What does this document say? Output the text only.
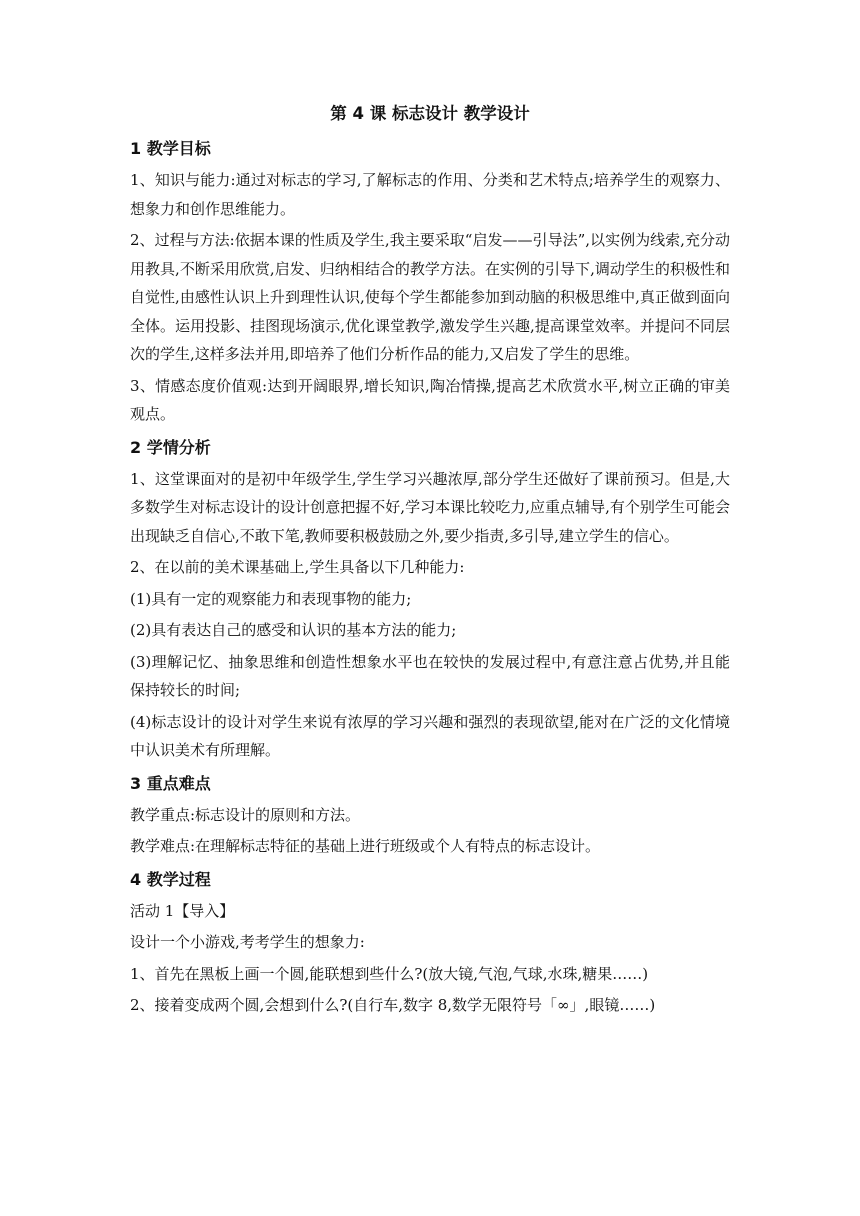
第 4 课 标志设计 教学设计
1 教学目标

1、知识与能力:通过对标志的学习,了解标志的作用、分类和艺术特点;培养学生的观察力、想象力和创作思维能力。

2、过程与方法:依据本课的性质及学生,我主要采取“启发——引导法”,以实例为线索,充分动用教具,不断采用欣赏,启发、归纳相结合的教学方法。在实例的引导下,调动学生的积极性和自觉性,由感性认识上升到理性认识,使每个学生都能参加到动脑的积极思维中,真正做到面向全体。运用投影、挂图现场演示,优化课堂教学,激发学生兴趣,提高课堂效率。并提问不同层次的学生,这样多法并用,即培养了他们分析作品的能力,又启发了学生的思维。

3、情感态度价值观:达到开阔眼界,增长知识,陶冶情操,提高艺术欣赏水平,树立正确的审美观点。

2 学情分析

1、这堂课面对的是初中年级学生,学生学习兴趣浓厚,部分学生还做好了课前预习。但是,大多数学生对标志设计的设计创意把握不好,学习本课比较吃力,应重点辅导,有个别学生可能会出现缺乏自信心,不敢下笔,教师要积极鼓励之外,要少指责,多引导,建立学生的信心。

2、在以前的美术课基础上,学生具备以下几种能力:

(1)具有一定的观察能力和表现事物的能力;

(2)具有表达自己的感受和认识的基本方法的能力;

(3)理解记忆、抽象思维和创造性想象水平也在较快的发展过程中,有意注意占优势,并且能保持较长的时间;

(4)标志设计的设计对学生来说有浓厚的学习兴趣和强烈的表现欲望,能对在广泛的文化情境中认识美术有所理解。

3 重点难点

教学重点:标志设计的原则和方法。

教学难点:在理解标志特征的基础上进行班级或个人有特点的标志设计。

4 教学过程

活动 1【导入】

设计一个小游戏,考考学生的想象力:

1、首先在黑板上画一个圆,能联想到些什么?(放大镜,气泡,气球,水珠,糖果……)

2、接着变成两个圆,会想到什么?(自行车,数字 8,数学无限符号「∞」,眼镜……)
